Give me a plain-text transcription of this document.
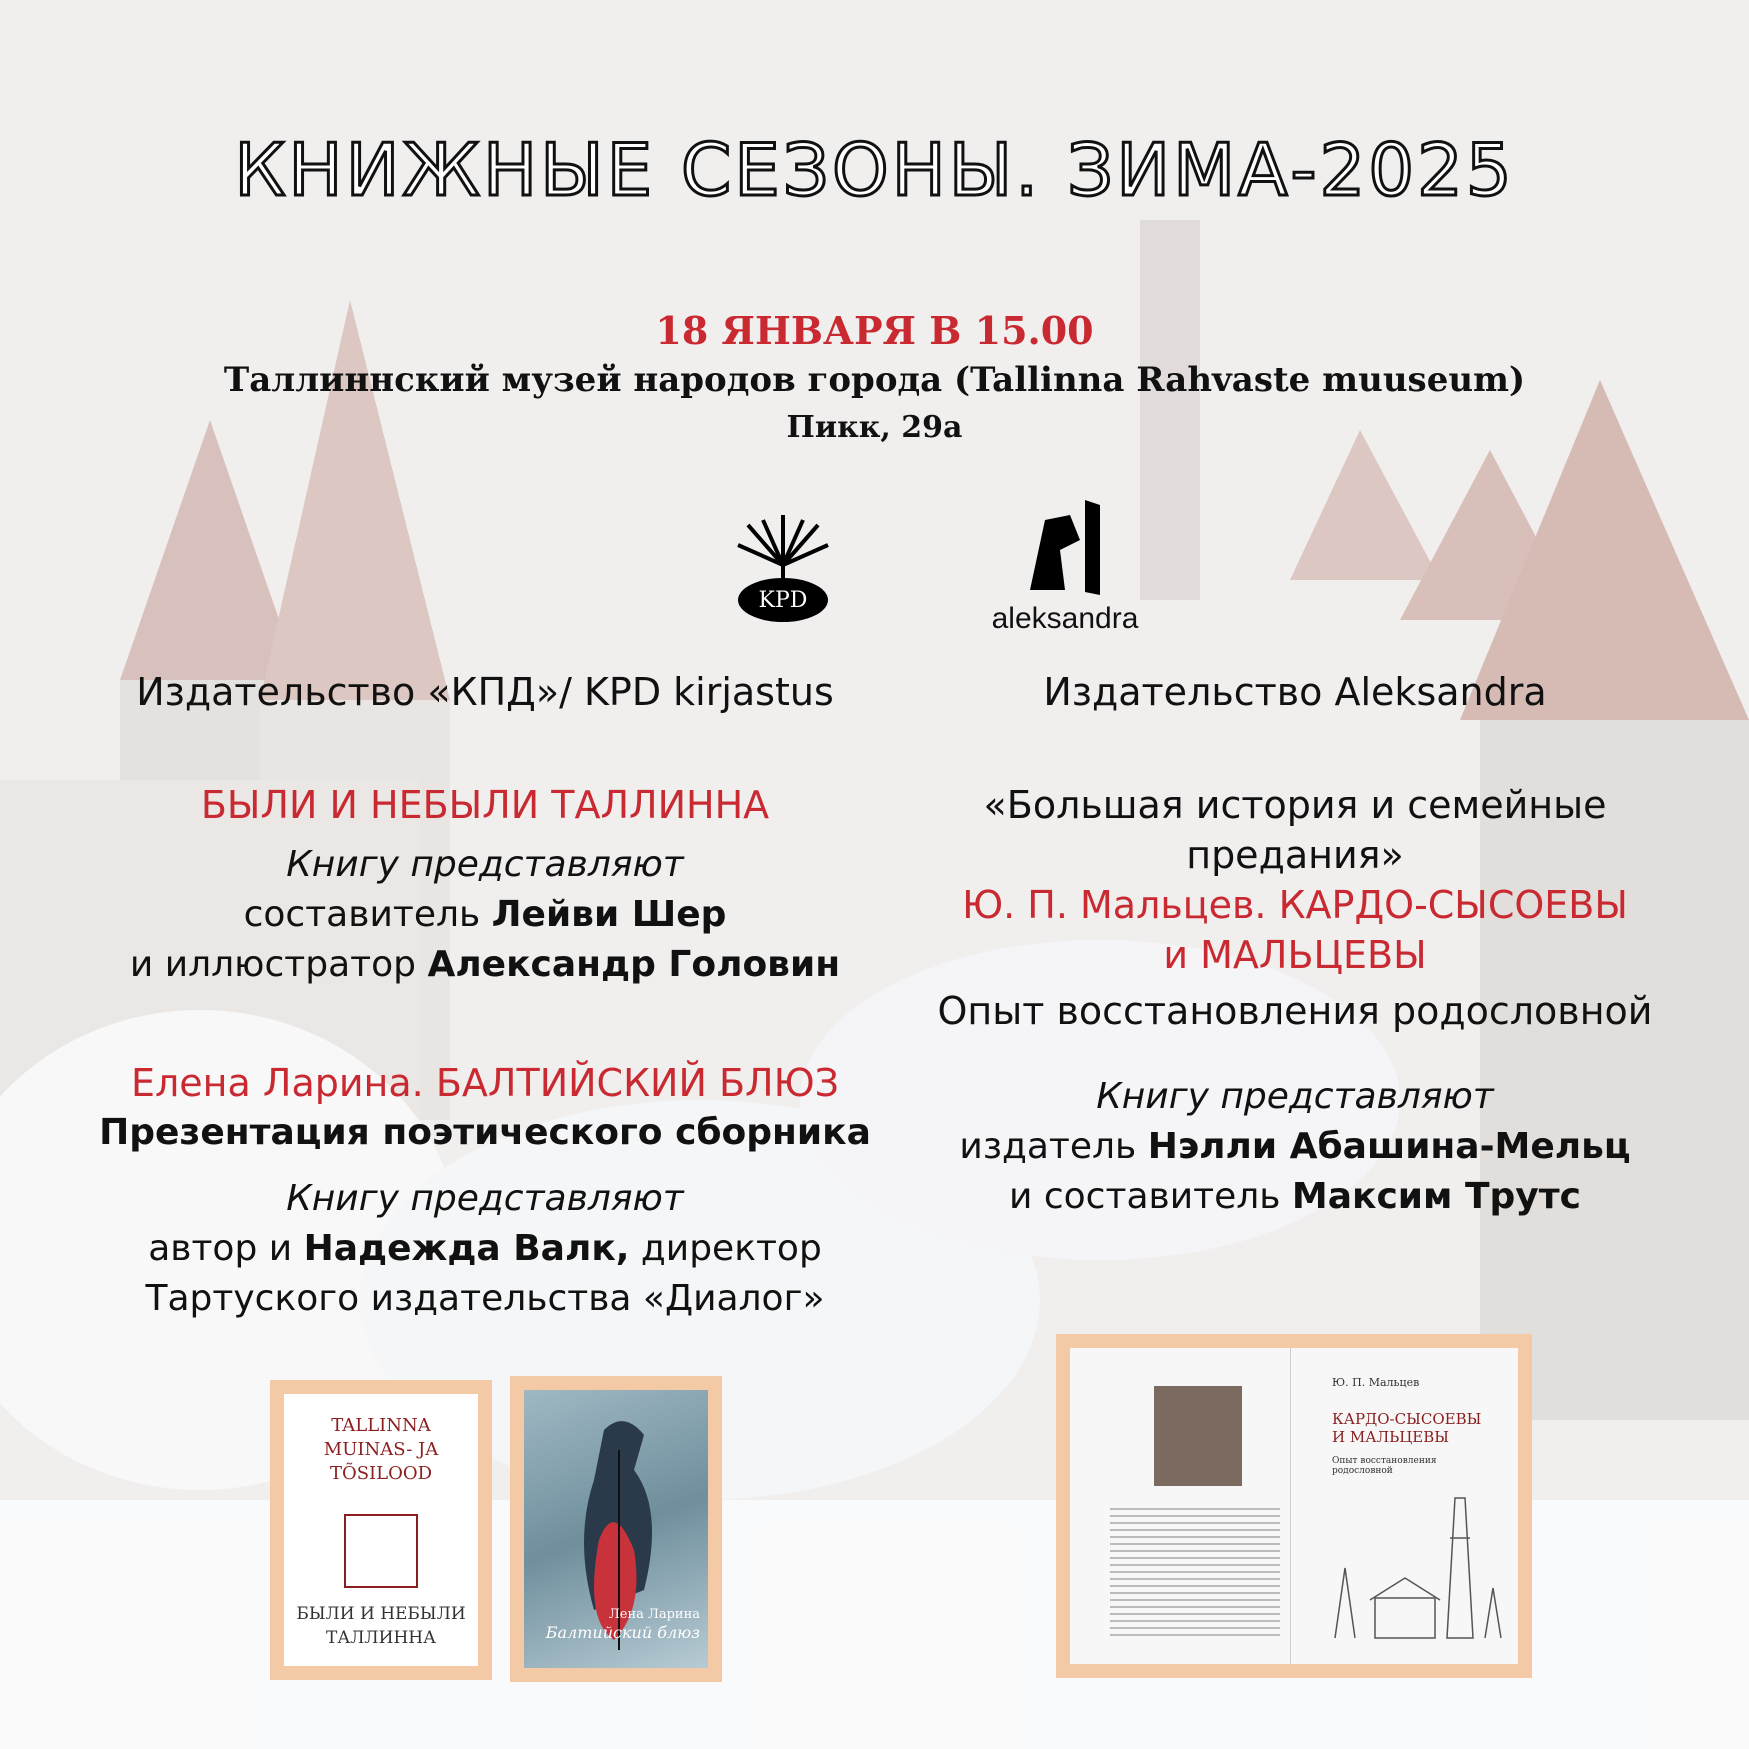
КНИЖНЫЕ СЕЗОНЫ. ЗИМА-2025
18 ЯНВАРЯ В 15.00
Таллиннский музей народов города (Tallinna Rahvaste muuseum)
Пикк, 29а
KPD
aleksandra
Издательство «КПД»/ KPD kirjastus
БЫЛИ И НЕБЫЛИ ТАЛЛИННА
Книгу представляют
составитель Лейви Шер
и иллюстратор Александр Головин
Елена Ларина. БАЛТИЙСКИЙ БЛЮЗ
Презентация поэтического сборника
Книгу представляют
автор и Надежда Валк, директор
Тартуского издательства «Диалог»
Издательство Aleksandra
«Большая история и семейные предания»
Ю. П. Мальцев. КАРДО-СЫСОЕВЫ
и МАЛЬЦЕВЫ
Опыт восстановления родословной
Книгу представляют
издатель Нэлли Абашина-Мельц
и составитель Максим Трутс
TALLINNA MUINAS- JA TÕSILOOD
БЫЛИ И НЕБЫЛИ ТАЛЛИННА
Лена Ларина
Балтийский блюз
Ю. П. Мальцев
КАРДО-СЫСОЕВЫ И МАЛЬЦЕВЫ
Опыт восстановления родословной
